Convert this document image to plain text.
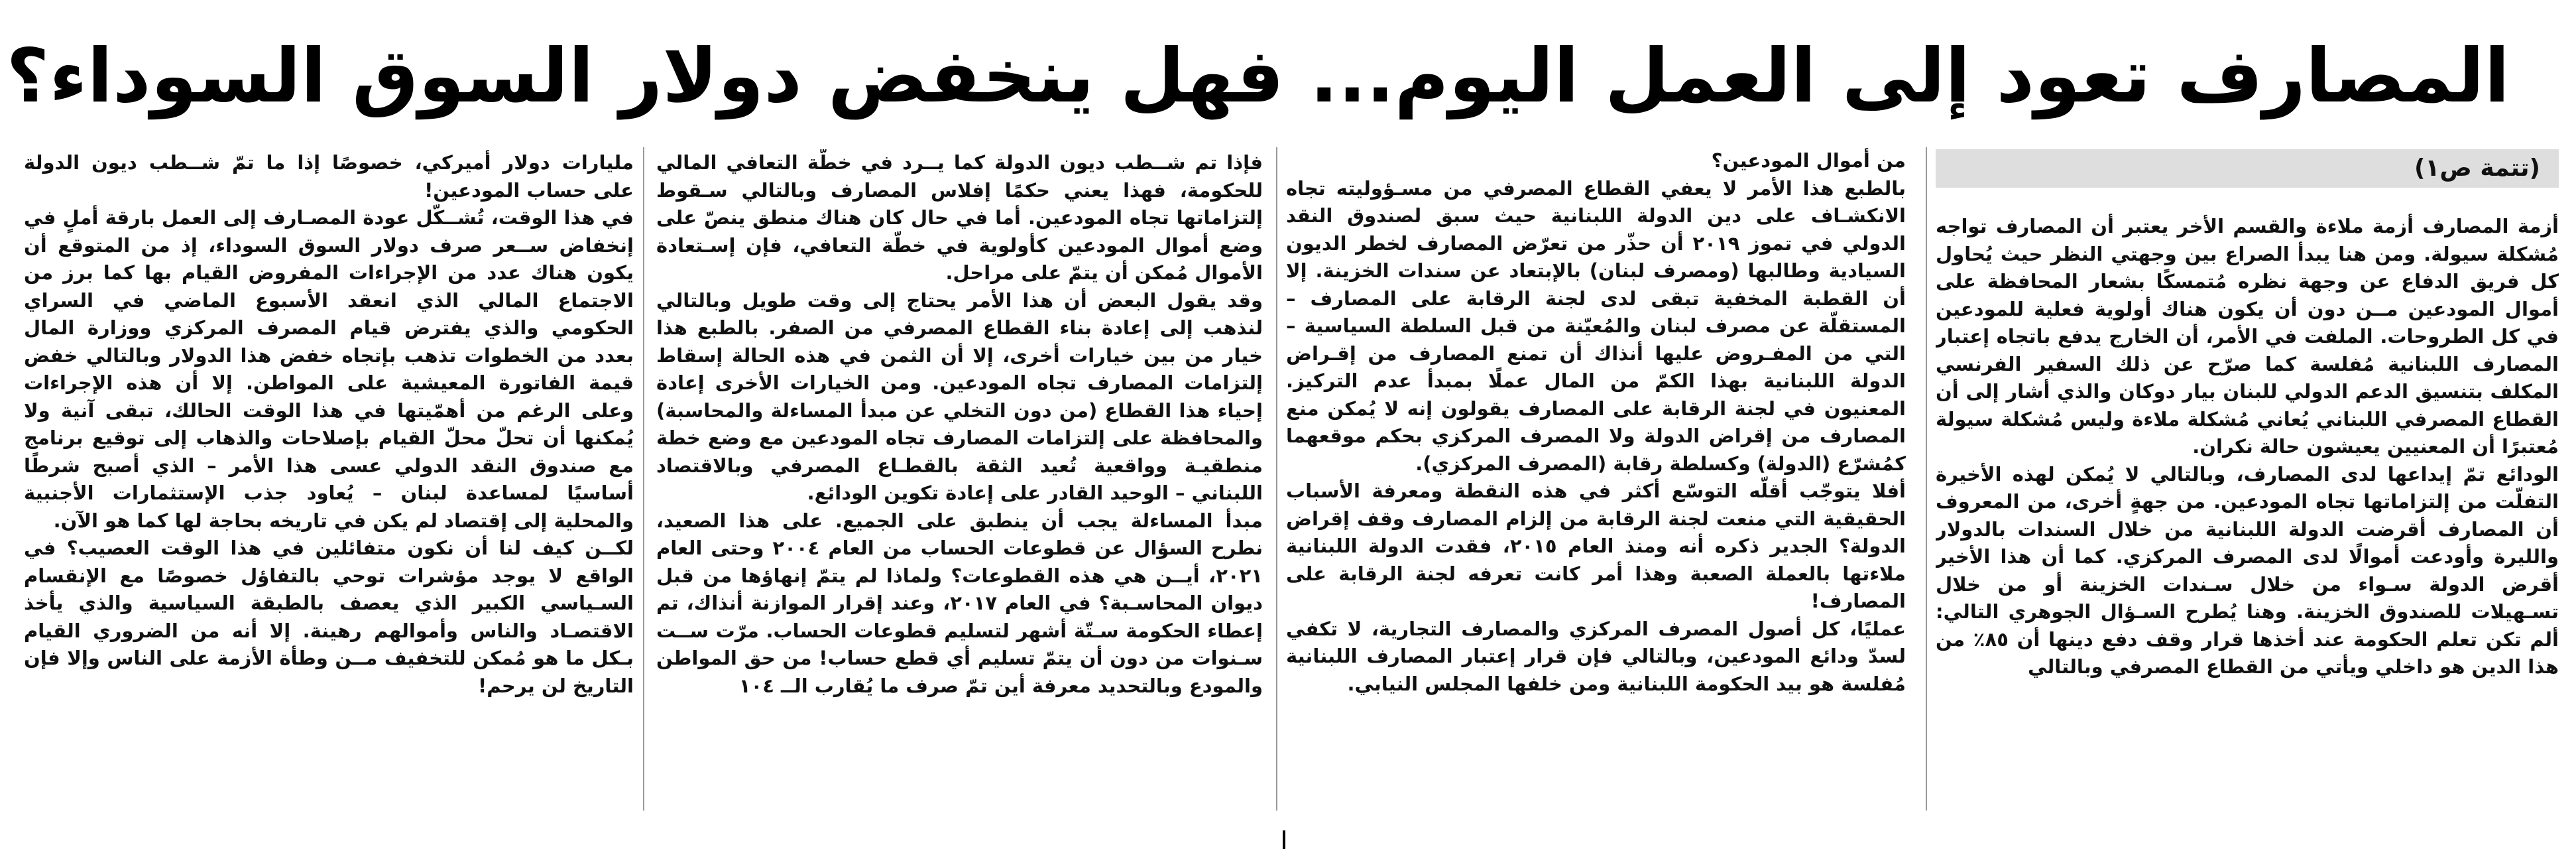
المصارف تعود إلى العمل اليوم... فهل ينخفض دولار السوق السوداء؟
(تتمة ص١)

أزمة المصارف أزمة ملاءة والقسم الأخر يعتبر أن المصارف تواجه مُشكلة سيولة. ومن هنا يبدأ الصراع بين وجهتي النظر حيث يُحاول كل فريق الدفاع عن وجهة نظره مُتمسكًا بشعار المحافظة على أموال المودعين مــن دون أن يكون هناك أولوية فعلية للمودعين في كل الطروحات. الملفت في الأمر، أن الخارج يدفع باتجاه إعتبار المصارف اللبنانية مُفلسة كما صرّح عن ذلك السفير الفرنسي المكلف بتنسيق الدعم الدولي للبنان بيار دوكان والذي أشار إلى أن القطاع المصرفي اللبناني يُعاني مُشكلة ملاءة وليس مُشكلة سيولة مُعتبرًا أن المعنيين يعيشون حالة نكران.

الودائع تمّ إيداعها لدى المصارف، وبالتالي لا يُمكن لهذه الأخيرة التفلّت من إلتزاماتها تجاه المودعين. من جهةٍ أخرى، من المعروف أن المصارف أقرضت الدولة اللبنانية من خلال السندات بالدولار والليرة وأودعت أموالًا لدى المصرف المركزي. كما أن هذا الأخير أقرض الدولة سـواء من خلال سـندات الخزينة أو من خلال تسـهيلات للصندوق الخزينة. وهنا يُطرح السـؤال الجوهري التالي: ألم تكن تعلم الحكومة عند أخذها قرار وقف دفع دينها أن ٨٥٪ من هذا الدين هو داخلي ويأتي من القطاع المصرفي وبالتالي

من أموال المودعين؟

بالطبع هذا الأمر لا يعفي القطاع المصرفي من مسـؤوليته تجاه الانكشـاف على دين الدولة اللبنانية حيث سبق لصندوق النقد الدولي في تموز ٢٠١٩ أن حذّر من تعرّض المصارف لخطر الديون السيادية وطالبها (ومصرف لبنان) بالإبتعاد عن سندات الخزينة. إلا أن القطبة المخفية تبقى لدى لجنة الرقابة على المصارف – المستقلّة عن مصرف لبنان والمُعيّنة من قبل السلطة السياسية – التي من المفـروض عليها أنذاك أن تمنع المصارف من إقـراض الدولة اللبنانية بهذا الكمّ من المال عملًا بمبدأ عدم التركيز. المعنيون في لجنة الرقابة على المصارف يقولون إنه لا يُمكن منع المصارف من إقراض الدولة ولا المصرف المركزي بحكم موقعهما كمُشرّع (الدولة) وكسلطة رقابة (المصرف المركزي).

أفلا يتوجّب أقلّه التوسّع أكثر في هذه النقطة ومعرفة الأسباب الحقيقية التي منعت لجنة الرقابة من إلزام المصارف وقف إقراض الدولة؟ الجدير ذكره أنه ومنذ العام ٢٠١٥، فقدت الدولة اللبنانية ملاءتها بالعملة الصعبة وهذا أمر كانت تعرفه لجنة الرقابة على المصارف!

عمليًا، كل أصول المصرف المركزي والمصارف التجارية، لا تكفي لسدّ ودائع المودعين، وبالتالي فإن قرار إعتبار المصارف اللبنانية مُفلسة هو بيد الحكومة اللبنانية ومن خلفها المجلس النيابي.

فإذا تم شــطب ديون الدولة كما يــرد في خطّة التعافي المالي للحكومة، فهذا يعني حكمًا إفلاس المصارف وبالتالي سـقوط إلتزاماتها تجاه المودعين. أما في حال كان هناك منطق ينصّ على وضع أموال المودعين كأولوية في خطّة التعافي، فإن إسـتعادة الأموال مُمكن أن يتمّ على مراحل.

وقد يقول البعض أن هذا الأمر يحتاج إلى وقت طويل وبالتالي لنذهب إلى إعادة بناء القطاع المصرفي من الصفر. بالطبع هذا خيار من بين خيارات أخرى، إلا أن الثمن في هذه الحالة إسقاط إلتزامات المصارف تجاه المودعين. ومن الخيارات الأخرى إعادة إحياء هذا القطاع (من دون التخلي عن مبدأ المساءلة والمحاسبة) والمحافظة على إلتزامات المصارف تجاه المودعين مع وضع خطة منطقيـة وواقعية تُعيد الثقة بالقطـاع المصرفي وبالاقتصاد اللبناني – الوحيد القادر على إعادة تكوين الودائع.

مبدأ المساءلة يجب أن ينطبق على الجميع. على هذا الصعيد، نطرح السؤال عن قطوعات الحساب من العام ٢٠٠٤ وحتى العام ٢٠٢١، أيــن هي هذه القطوعات؟ ولماذا لم يتمّ إنهاؤها من قبل ديوان المحاسـبة؟ في العام ٢٠١٧، وعند إقرار الموازنة أنذاك، تم إعطاء الحكومة سـتّة أشهر لتسليم قطوعات الحساب. مرّت ســت سـنوات من دون أن يتمّ تسليم أي قطع حساب! من حق المواطن والمودع وبالتحديد معرفة أين تمّ صرف ما يُقارب الــ ١٠٤

مليارات دولار أميركي، خصوصًا إذا ما تمّ شــطب ديون الدولة على حساب المودعين!

في هذا الوقت، تُشــكّل عودة المصـارف إلى العمل بارقة أملٍ في إنخفاض ســعر صرف دولار السوق السوداء، إذ من المتوقع أن يكون هناك عدد من الإجراءات المفروض القيام بها كما برز من الاجتماع المالي الذي انعقد الأسبوع الماضي في السراي الحكومي والذي يفترض قيام المصرف المركزي ووزارة المال بعدد من الخطوات تذهب بإتجاه خفض هذا الدولار وبالتالي خفض قيمة الفاتورة المعيشية على المواطن. إلا أن هذه الإجراءات وعلى الرغم من أهمّيتها في هذا الوقت الحالك، تبقى آنية ولا يُمكنها أن تحلّ محلّ القيام بإصلاحات والذهاب إلى توقيع برنامج مع صندوق النقد الدولي عسى هذا الأمر – الذي أصبح شرطًا أساسيًا لمساعدة لبنان – يُعاود جذب الإستثمارات الأجنبية والمحلية إلى إقتصاد لم يكن في تاريخه بحاجة لها كما هو الآن.

لكــن كيف لنا أن نكون متفائلين في هذا الوقت العصيب؟ في الواقع لا يوجد مؤشرات توحي بالتفاؤل خصوصًا مع الإنقسام السـياسي الكبير الذي يعصف بالطبقة السياسية والذي يأخذ الاقتصـاد والناس وأموالهم رهينة. إلا أنه من الضروري القيام بـكل ما هو مُمكن للتخفيف مــن وطأة الأزمة على الناس وإلا فإن التاريخ لن يرحم!
